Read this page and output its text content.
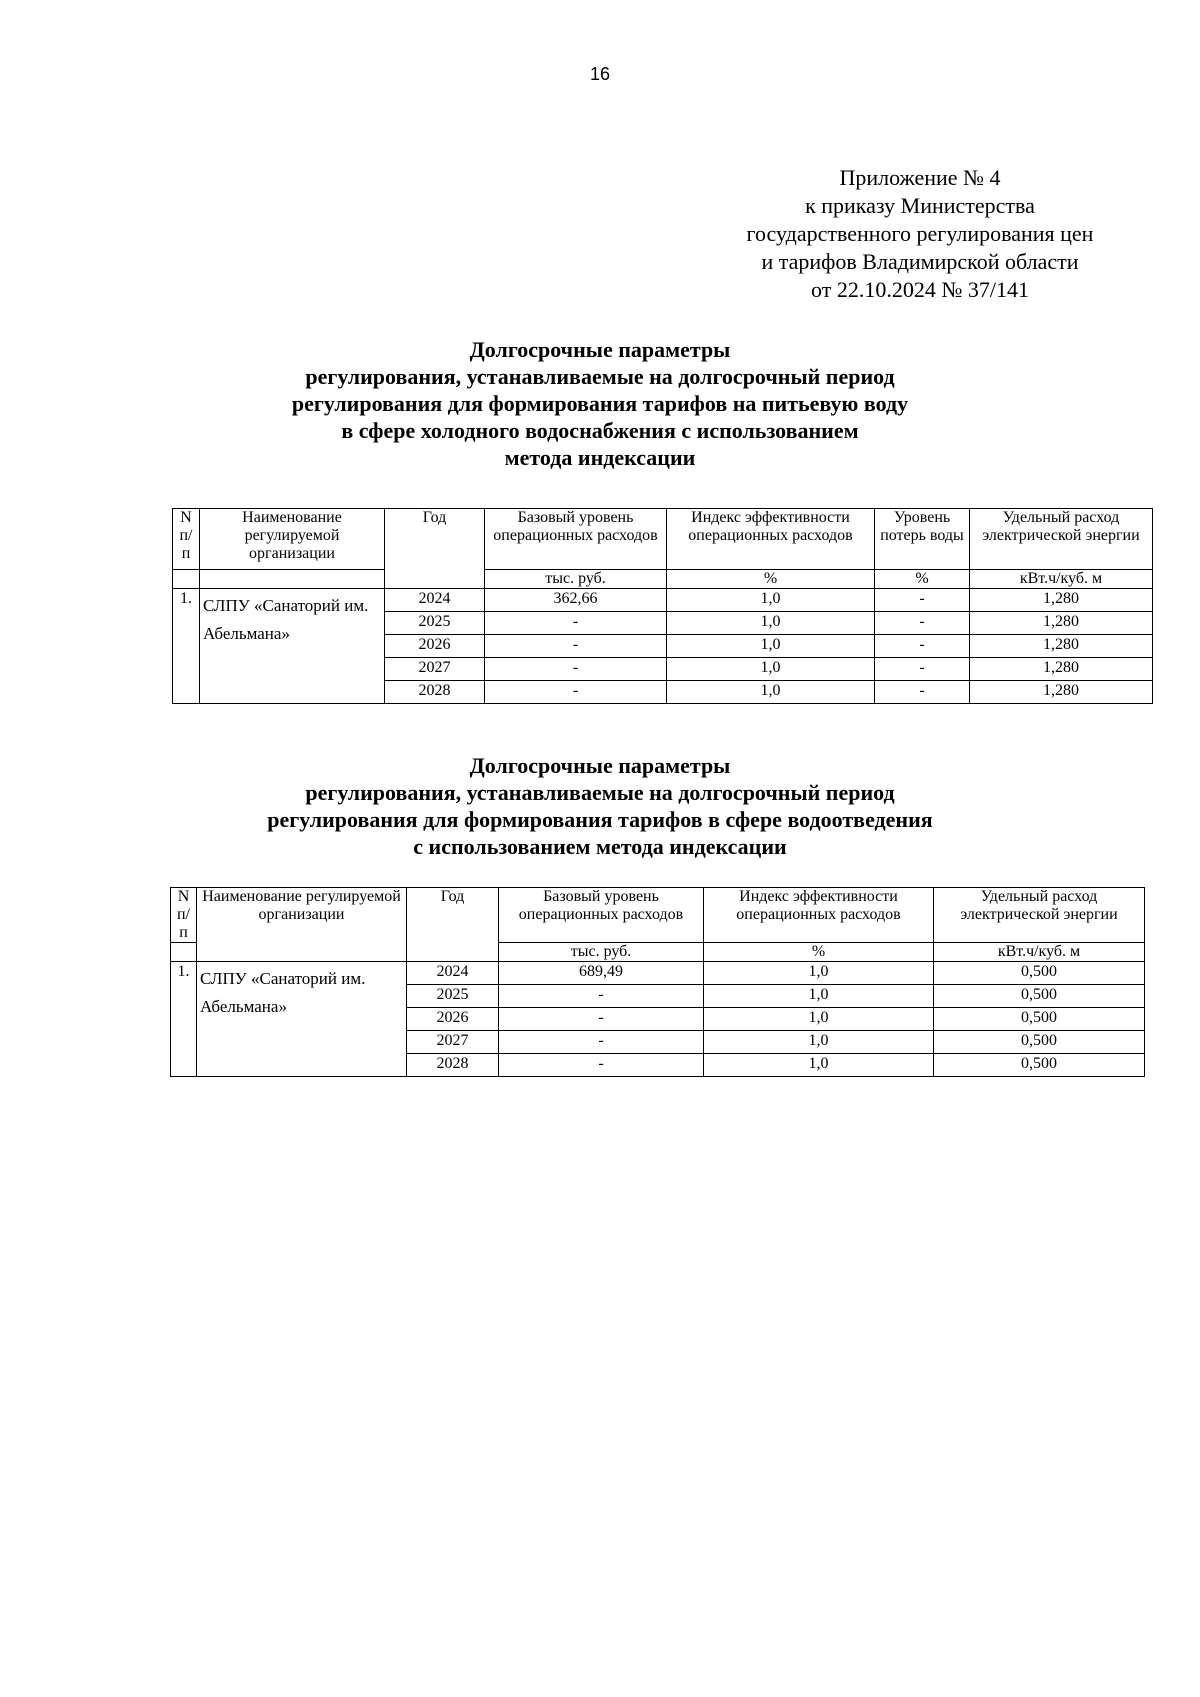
16
Приложение № 4
к приказу Министерства
государственного регулирования цен
и тарифов Владимирской области
от 22.10.2024 № 37/141
Долгосрочные параметры
регулирования, устанавливаемые на долгосрочный период
регулирования для формирования тарифов на питьевую воду
в сфере холодного водоснабжения с использованием
метода индексации
N п/п	Наименование регулируемой организации	Год	Базовый уровень операционных расходов	Индекс эффективности операционных расходов	Уровень потерь воды	Удельный расход электрической энергии
			тыс. руб.	%	%	кВт.ч/куб. м
1.	СЛПУ «Санаторий им. Абельмана»	2024	362,66	1,0	-	1,280
		2025	-	1,0	-	1,280
		2026	-	1,0	-	1,280
		2027	-	1,0	-	1,280
		2028	-	1,0	-	1,280
Долгосрочные параметры
регулирования, устанавливаемые на долгосрочный период
регулирования для формирования тарифов в сфере водоотведения
с использованием метода индексации
N п/п	Наименование регулируемой организации	Год	Базовый уровень операционных расходов	Индекс эффективности операционных расходов	Удельный расход электрической энергии
			тыс. руб.	%	кВт.ч/куб. м
1.	СЛПУ «Санаторий им. Абельмана»	2024	689,49	1,0	0,500
		2025	-	1,0	0,500
		2026	-	1,0	0,500
		2027	-	1,0	0,500
		2028	-	1,0	0,500
